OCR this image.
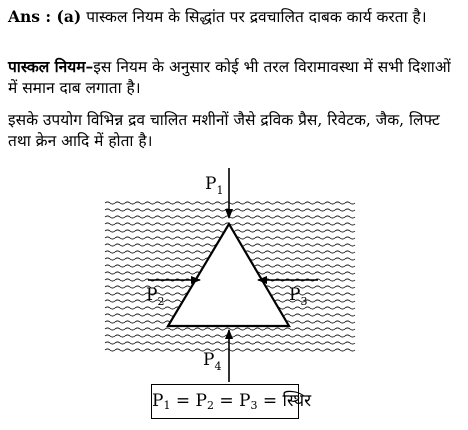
Ans : (a) पास्कल नियम के सिद्धांत पर द्रवचालित दाबक कार्य करता है।
पास्कल नियम–इस नियम के अनुसार कोई भी तरल विरामावस्था में सभी दिशाओं में समान दाब लगाता है।
इसके उपयोग विभिन्न द्रव चालित मशीनों जैसे द्रविक प्रैस, रिवेटक, जैक, लिफ्ट तथा क्रेन आदि में होता है।
$P_1$
$P_2$	$P_3$
$P_4$
$P_1 = P_2 = P_3$ = स्थिर
